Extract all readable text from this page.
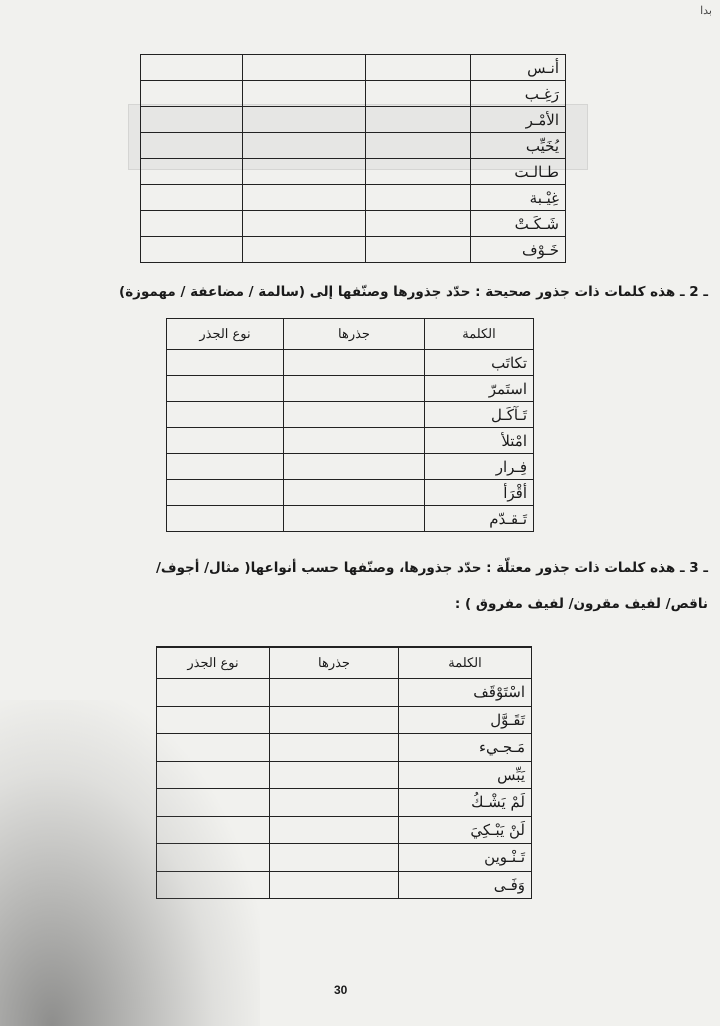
بدا
أنـس			
رَغِـب			
الأمْـر			
يُخَيِّب			
طـالـت			
غِيْـبة			
شَـكَـتْ			
خَـوْف			
ـ 2 ـ هذه كلمات ذات جذور صحيحة : حدّد جذورها وصنّفها إلى (سالمة / مضاعفة / مهموزة)
الكلمة	جذرها	نوع الجذر
تكاتَب		
استَمرّ		
تَـآكَـل		
امْتلأ		
فِـرار		
أقْرَأ		
تَـقـدّم		
ـ 3 ـ هذه كلمات ذات جذور معتلّة : حدّد جذورها، وصنّفها حسب أنواعها( مثال/ أجوف/
ناقص/ لفيف مقرون/ لفيف مفروق ) :
الكلمة	جذرها	نوع الجذر
اسْتَوْقَف		
تَقَـوَّل		
مَـجـيء		
يَبِّس		
لَمْ يَشْـكُ		
لَنْ يَبْـكِيَ		
تَـنْـوين		
وَفَـى		
30
